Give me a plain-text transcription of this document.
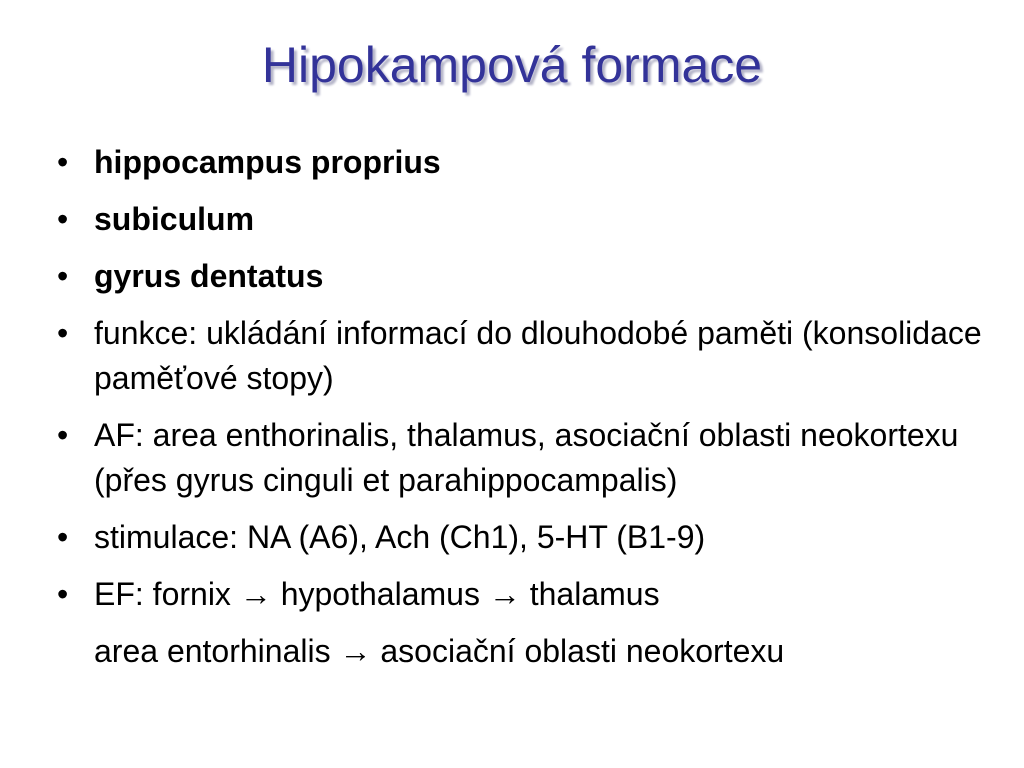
Hipokampová formace
• hippocampus proprius
• subiculum
• gyrus dentatus
• funkce: ukládání informací do dlouhodobé paměti (konsolidace paměťové stopy)
• AF: area enthorinalis, thalamus, asociační oblasti neokortexu (přes gyrus cinguli et parahippocampalis)
• stimulace: NA (A6), Ach (Ch1), 5-HT (B1-9)
• EF: fornix → hypothalamus → thalamus
area entorhinalis → asociační oblasti neokortexu
